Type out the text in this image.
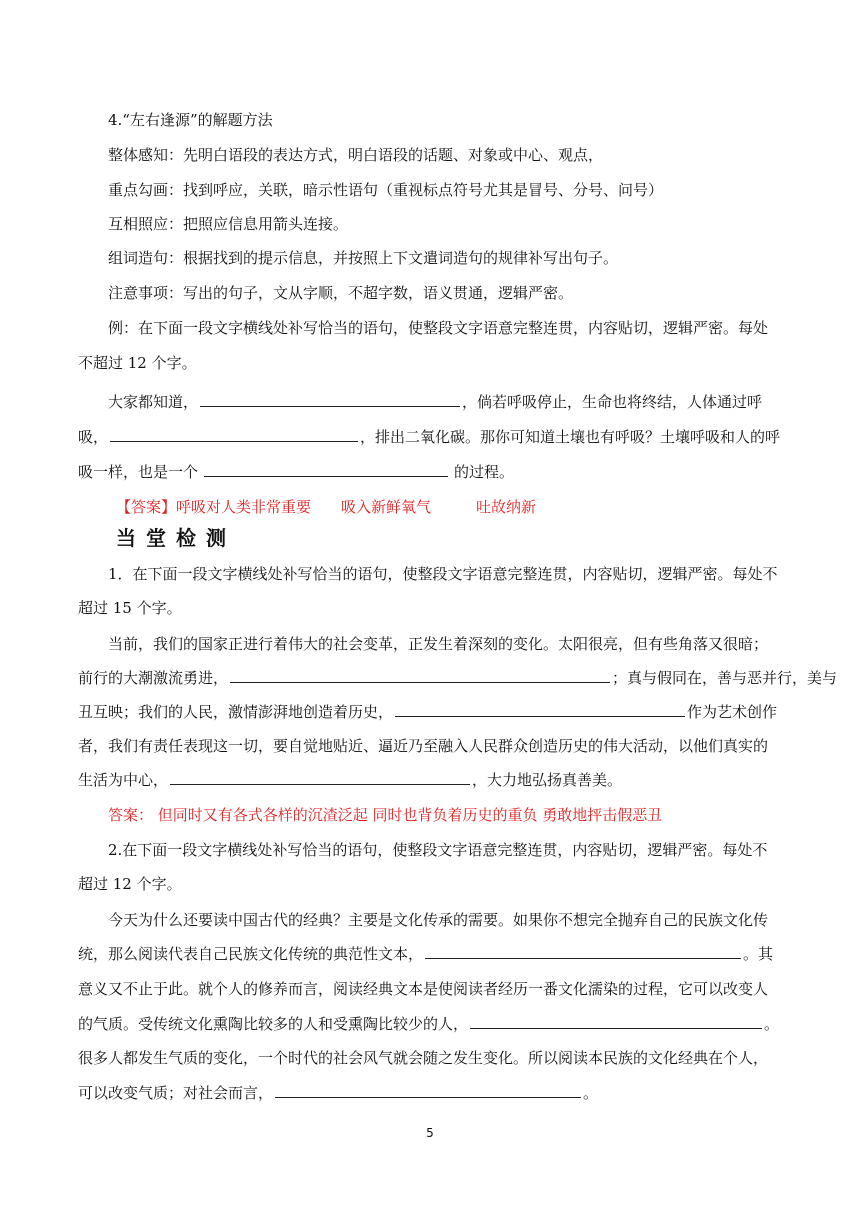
4.“左右逢源”的解题方法
整体感知：先明白语段的表达方式，明白语段的话题、对象或中心、观点，
重点勾画：找到呼应，关联，暗示性语句（重视标点符号尤其是冒号、分号、问号）
互相照应：把照应信息用箭头连接。
组词造句：根据找到的提示信息，并按照上下文遣词造句的规律补写出句子。
注意事项：写出的句子，文从字顺，不超字数，语义贯通，逻辑严密。
例：在下面一段文字横线处补写恰当的语句，使整段文字语意完整连贯，内容贴切，逻辑严密。每处
不超过 12 个字。
大家都知道，	，倘若呼吸停止，生命也将终结，人体通过呼
吸，	，排出二氧化碳。那你可知道土壤也有呼吸？土壤呼吸和人的呼
吸一样，也是一个	的过程。
【答案】呼吸对人类非常重要　　吸入新鲜氧气　　　吐故纳新
当堂检测
1．在下面一段文字横线处补写恰当的语句，使整段文字语意完整连贯，内容贴切，逻辑严密。每处不
超过 15 个字。
当前，我们的国家正进行着伟大的社会变革，正发生着深刻的变化。太阳很亮，但有些角落又很暗；
前行的大潮激流勇进，	；真与假同在，善与恶并行，美与
丑互映；我们的人民，激情澎湃地创造着历史，	作为艺术创作
者，我们有责任表现这一切，要自觉地贴近、逼近乃至融入人民群众创造历史的伟大活动，以他们真实的
生活为中心，	，大力地弘扬真善美。
答案： 但同时又有各式各样的沉渣泛起 同时也背负着历史的重负 勇敢地抨击假恶丑
2.在下面一段文字横线处补写恰当的语句，使整段文字语意完整连贯，内容贴切，逻辑严密。每处不
超过 12 个字。
今天为什么还要读中国古代的经典？主要是文化传承的需要。如果你不想完全抛弃自己的民族文化传
统，那么阅读代表自己民族文化传统的典范性文本，	。其
意义又不止于此。就个人的修养而言，阅读经典文本是使阅读者经历一番文化濡染的过程，它可以改变人
的气质。受传统文化熏陶比较多的人和受熏陶比较少的人，	。
很多人都发生气质的变化，一个时代的社会风气就会随之发生变化。所以阅读本民族的文化经典在个人，
可以改变气质；对社会而言，	。
5
